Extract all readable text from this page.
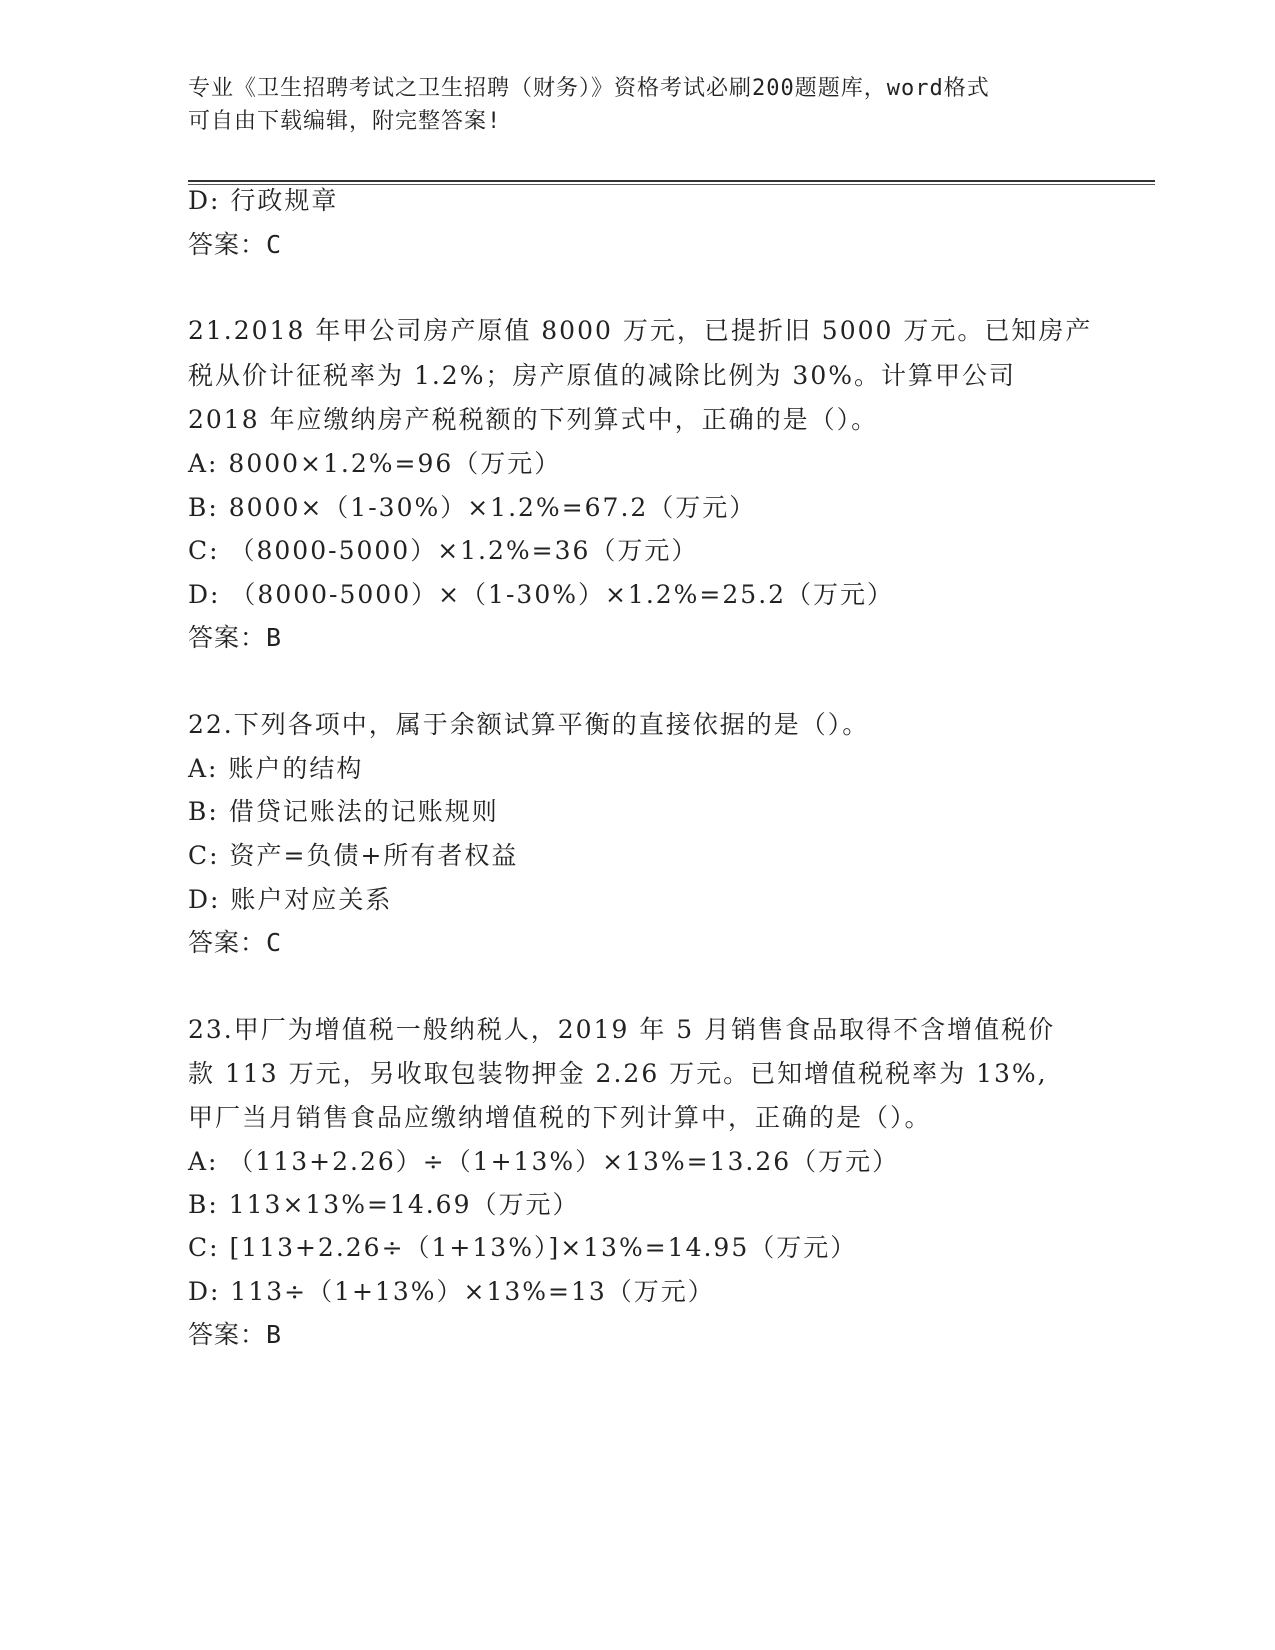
专业《卫生招聘考试之卫生招聘（财务）》资格考试必刷200题题库，word格式
可自由下载编辑，附完整答案!
D: 行政规章
答案：C
21.2018 年甲公司房产原值 8000 万元，已提折旧 5000 万元。已知房产
税从价计征税率为 1.2%；房产原值的减除比例为 30%。计算甲公司
2018 年应缴纳房产税税额的下列算式中，正确的是（）。
A: 8000×1.2%=96（万元）
B: 8000×（1-30%）×1.2%=67.2（万元）
C: （8000-5000）×1.2%=36（万元）
D: （8000-5000）×（1-30%）×1.2%=25.2（万元）
答案：B
22.下列各项中，属于余额试算平衡的直接依据的是（）。
A: 账户的结构
B: 借贷记账法的记账规则
C: 资产=负债+所有者权益
D: 账户对应关系
答案：C
23.甲厂为增值税一般纳税人，2019 年 5 月销售食品取得不含增值税价
款 113 万元，另收取包装物押金 2.26 万元。已知增值税税率为 13%,
甲厂当月销售食品应缴纳增值税的下列计算中，正确的是（）。
A: （113+2.26）÷（1+13%）×13%=13.26（万元）
B: 113×13%=14.69（万元）
C: [113+2.26÷（1+13%）]×13%=14.95（万元）
D: 113÷（1+13%）×13%=13（万元）
答案：B
